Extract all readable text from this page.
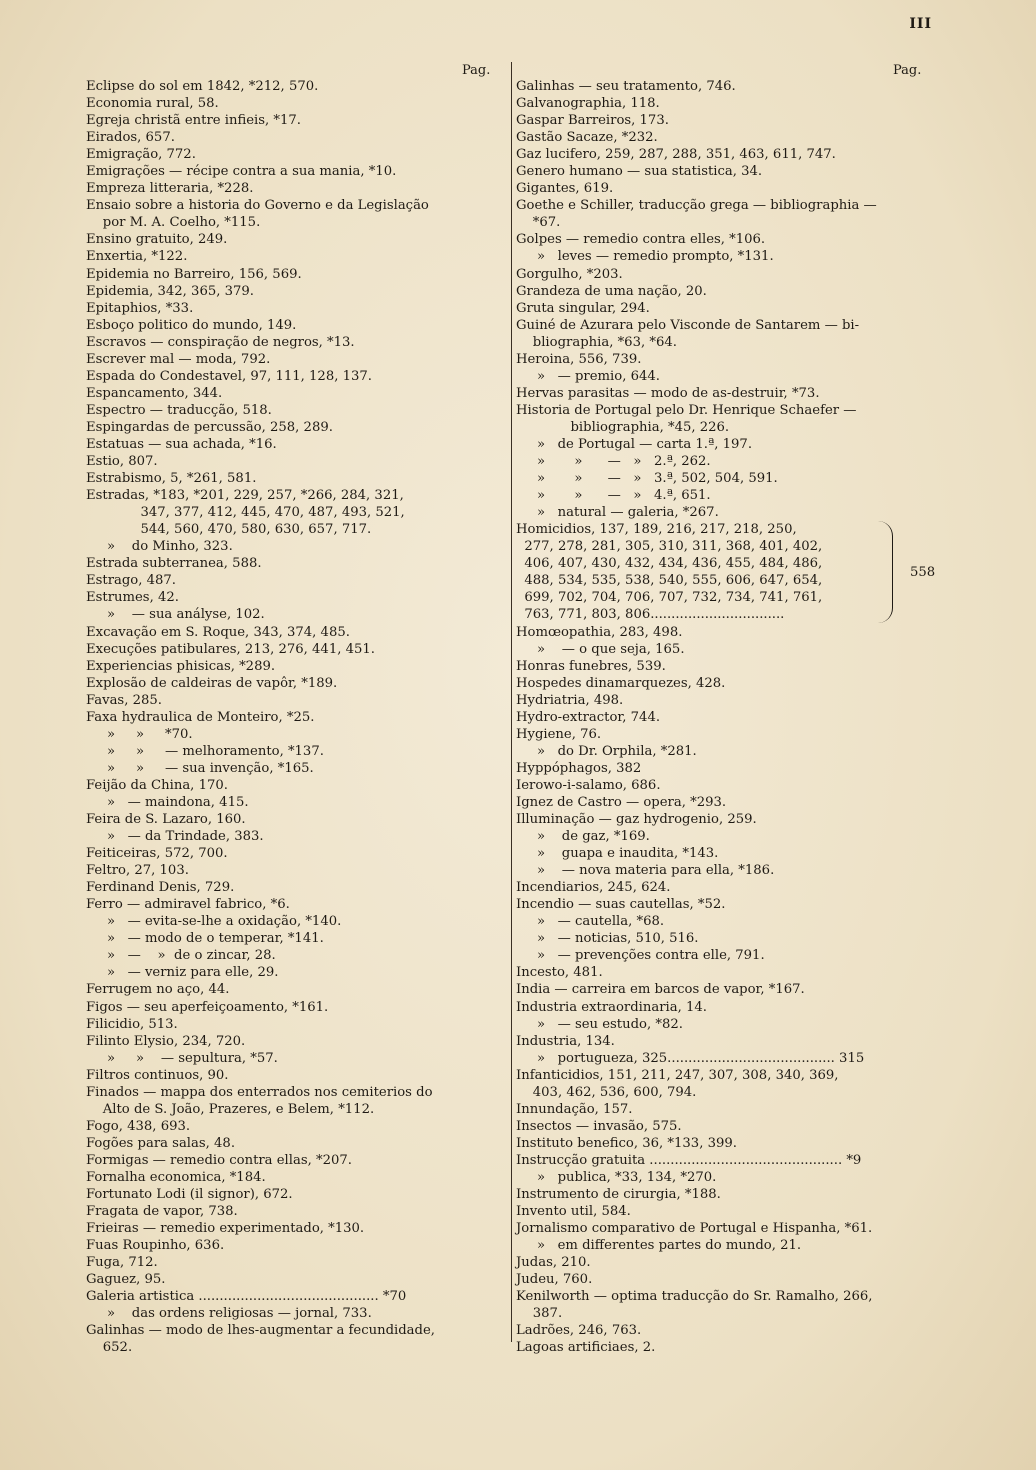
III
Pag.	Pag.
Eclipse do sol em 1842, *212, 570.
Economia rural, 58.
Egreja christã entre infieis, *17.
Eirados, 657.
Emigração, 772.
Emigrações — récipe contra a sua mania, *10.
Empreza litteraria, *228.
Ensaio sobre a historia do Governo e da Legislação
por M. A. Coelho, *115.
Ensino gratuito, 249.
Enxertia, *122.
Epidemia no Barreiro, 156, 569.
Epidemia, 342, 365, 379.
Epitaphios, *33.
Esboço politico do mundo, 149.
Escravos — conspiração de negros, *13.
Escrever mal — moda, 792.
Espada do Condestavel, 97, 111, 128, 137.
Espancamento, 344.
Espectro — traducção, 518.
Espingardas de percussão, 258, 289.
Estatuas — sua achada, *16.
Estio, 807.
Estrabismo, 5, *261, 581.
Estradas, *183, *201, 229, 257, *266, 284, 321,
347, 377, 412, 445, 470, 487, 493, 521,
544, 560, 470, 580, 630, 657, 717.
»    do Minho, 323.
Estrada subterranea, 588.
Estrago, 487.
Estrumes, 42.
»    — sua anályse, 102.
Excavação em S. Roque, 343, 374, 485.
Execuções patibulares, 213, 276, 441, 451.
Experiencias phisicas, *289.
Explosão de caldeiras de vapôr, *189.
Favas, 285.
Faxa hydraulica de Monteiro, *25.
»     »     *70.
»     »     — melhoramento, *137.
»     »     — sua invenção, *165.
Feijão da China, 170.
»   — maindona, 415.
Feira de S. Lazaro, 160.
»   — da Trindade, 383.
Feiticeiras, 572, 700.
Feltro, 27, 103.
Ferdinand Denis, 729.
Ferro — admiravel fabrico, *6.
»   — evita-se-lhe a oxidação, *140.
»   — modo de o temperar, *141.
»   —    »  de o zincar, 28.
»   — verniz para elle, 29.
Ferrugem no aço, 44.
Figos — seu aperfeiçoamento, *161.
Filicidio, 513.
Filinto Elysio, 234, 720.
»     »    — sepultura, *57.
Filtros continuos, 90.
Finados — mappa dos enterrados nos cemiterios do
Alto de S. João, Prazeres, e Belem, *112.
Fogo, 438, 693.
Fogões para salas, 48.
Formigas — remedio contra ellas, *207.
Fornalha economica, *184.
Fortunato Lodi (il signor), 672.
Fragata de vapor, 738.
Frieiras — remedio experimentado, *130.
Fuas Roupinho, 636.
Fuga, 712.
Gaguez, 95.
Galeria artistica ........................................... *70
»    das ordens religiosas — jornal, 733.
Galinhas — modo de lhes-augmentar a fecundidade,
652.
Galinhas — seu tratamento, 746.
Galvanographia, 118.
Gaspar Barreiros, 173.
Gastão Sacaze, *232.
Gaz lucifero, 259, 287, 288, 351, 463, 611, 747.
Genero humano — sua statistica, 34.
Gigantes, 619.
Goethe e Schiller, traducção grega — bibliographia —
*67.
Golpes — remedio contra elles, *106.
»   leves — remedio prompto, *131.
Gorgulho, *203.
Grandeza de uma nação, 20.
Gruta singular, 294.
Guiné de Azurara pelo Visconde de Santarem — bi-
bliographia, *63, *64.
Heroina, 556, 739.
»   — premio, 644.
Hervas parasitas — modo de as-destruir, *73.
Historia de Portugal pelo Dr. Henrique Schaefer —
bibliographia, *45, 226.
»   de Portugal — carta 1.ª, 197.
»       »      —   »   2.ª, 262.
»       »      —   »   3.ª, 502, 504, 591.
»       »      —   »   4.ª, 651.
»   natural — galeria, *267.
Homicidios, 137, 189, 216, 217, 218, 250,
277, 278, 281, 305, 310, 311, 368, 401, 402,
406, 407, 430, 432, 434, 436, 455, 484, 486,
488, 534, 535, 538, 540, 555, 606, 647, 654,
699, 702, 704, 706, 707, 732, 734, 741, 761,
763, 771, 803, 806................................
558
Homœopathia, 283, 498.
»    — o que seja, 165.
Honras funebres, 539.
Hospedes dinamarquezes, 428.
Hydriatria, 498.
Hydro-extractor, 744.
Hygiene, 76.
»   do Dr. Orphila, *281.
Hyppóphagos, 382
Ierowo-i-salamo, 686.
Ignez de Castro — opera, *293.
Illuminação — gaz hydrogenio, 259.
»    de gaz, *169.
»    guapa e inaudita, *143.
»    — nova materia para ella, *186.
Incendiarios, 245, 624.
Incendio — suas cautellas, *52.
»   — cautella, *68.
»   — noticias, 510, 516.
»   — prevenções contra elle, 791.
Incesto, 481.
India — carreira em barcos de vapor, *167.
Industria extraordinaria, 14.
»   — seu estudo, *82.
Industria, 134.
»   portugueza, 325........................................ 315
Infanticidios, 151, 211, 247, 307, 308, 340, 369,
403, 462, 536, 600, 794.
Innundação, 157.
Insectos — invasão, 575.
Instituto benefico, 36, *133, 399.
Instrucção gratuita .............................................. *9
»   publica, *33, 134, *270.
Instrumento de cirurgia, *188.
Invento util, 584.
Jornalismo comparativo de Portugal e Hispanha, *61.
»   em differentes partes do mundo, 21.
Judas, 210.
Judeu, 760.
Kenilworth — optima traducção do Sr. Ramalho, 266,
387.
Ladrões, 246, 763.
Lagoas artificiaes, 2.
